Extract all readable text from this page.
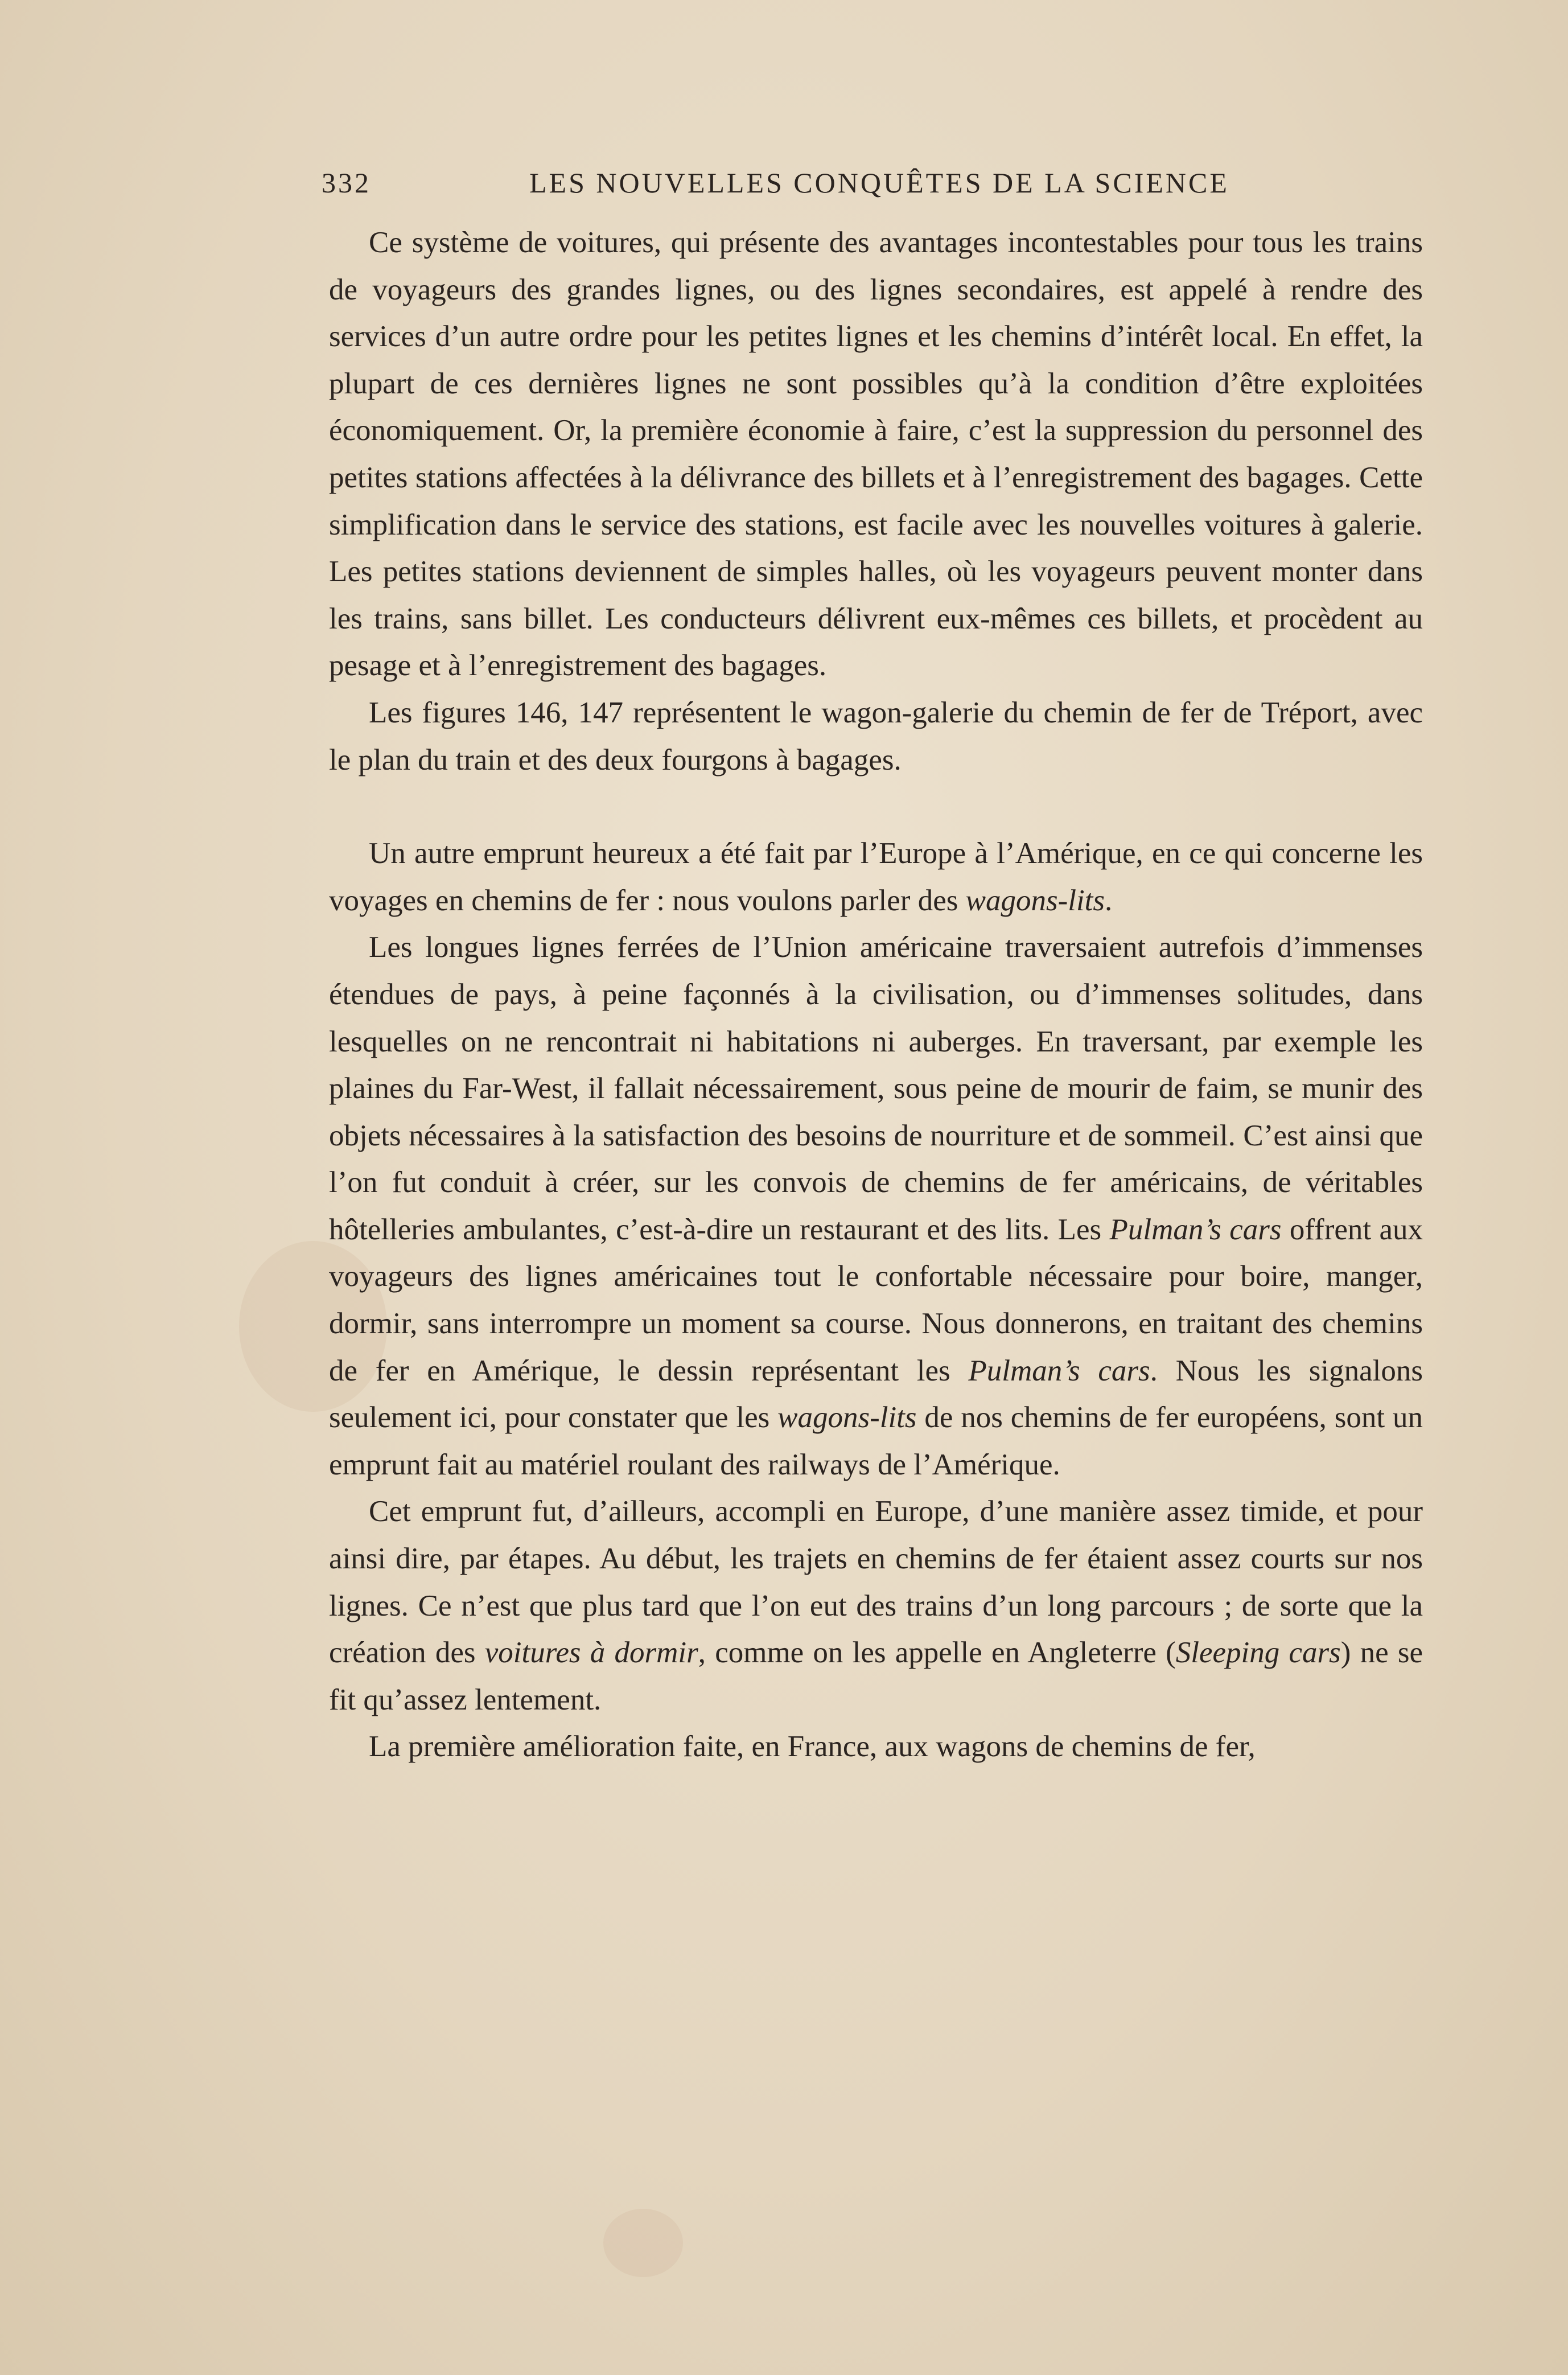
332	LES NOUVELLES CONQUÊTES DE LA SCIENCE

Ce système de voitures, qui présente des avantages incontestables pour tous les trains de voyageurs des grandes lignes, ou des lignes secondaires, est appelé à rendre des services d’un autre ordre pour les petites lignes et les chemins d’intérêt local. En effet, la plupart de ces dernières lignes ne sont possibles qu’à la condition d’être exploitées économiquement. Or, la première économie à faire, c’est la suppression du personnel des petites stations affectées à la délivrance des billets et à l’enregistrement des bagages. Cette simplification dans le service des stations, est facile avec les nouvelles voitures à galerie. Les petites stations deviennent de simples halles, où les voyageurs peuvent monter dans les trains, sans billet. Les conducteurs délivrent eux-mêmes ces billets, et procèdent au pesage et à l’enregistrement des bagages.

Les figures 146, 147 représentent le wagon-galerie du chemin de fer de Tréport, avec le plan du train et des deux fourgons à bagages.

Un autre emprunt heureux a été fait par l’Europe à l’Amérique, en ce qui concerne les voyages en chemins de fer : nous voulons parler des wagons-lits.

Les longues lignes ferrées de l’Union américaine traversaient autrefois d’immenses étendues de pays, à peine façonnés à la civilisation, ou d’immenses solitudes, dans lesquelles on ne rencontrait ni habitations ni auberges. En traversant, par exemple les plaines du Far-West, il fallait nécessairement, sous peine de mourir de faim, se munir des objets nécessaires à la satisfaction des besoins de nourriture et de sommeil. C’est ainsi que l’on fut conduit à créer, sur les convois de chemins de fer américains, de véritables hôtelleries ambulantes, c’est-à-dire un restaurant et des lits. Les Pulman’s cars offrent aux voyageurs des lignes américaines tout le confortable nécessaire pour boire, manger, dormir, sans interrompre un moment sa course. Nous donnerons, en traitant des chemins de fer en Amérique, le dessin représentant les Pulman’s cars. Nous les signalons seulement ici, pour constater que les wagons-lits de nos chemins de fer européens, sont un emprunt fait au matériel roulant des railways de l’Amérique.

Cet emprunt fut, d’ailleurs, accompli en Europe, d’une manière assez timide, et pour ainsi dire, par étapes. Au début, les trajets en chemins de fer étaient assez courts sur nos lignes. Ce n’est que plus tard que l’on eut des trains d’un long parcours ; de sorte que la création des voitures à dormir, comme on les appelle en Angleterre (Sleeping cars) ne se fit qu’assez lentement.

La première amélioration faite, en France, aux wagons de chemins de fer,
